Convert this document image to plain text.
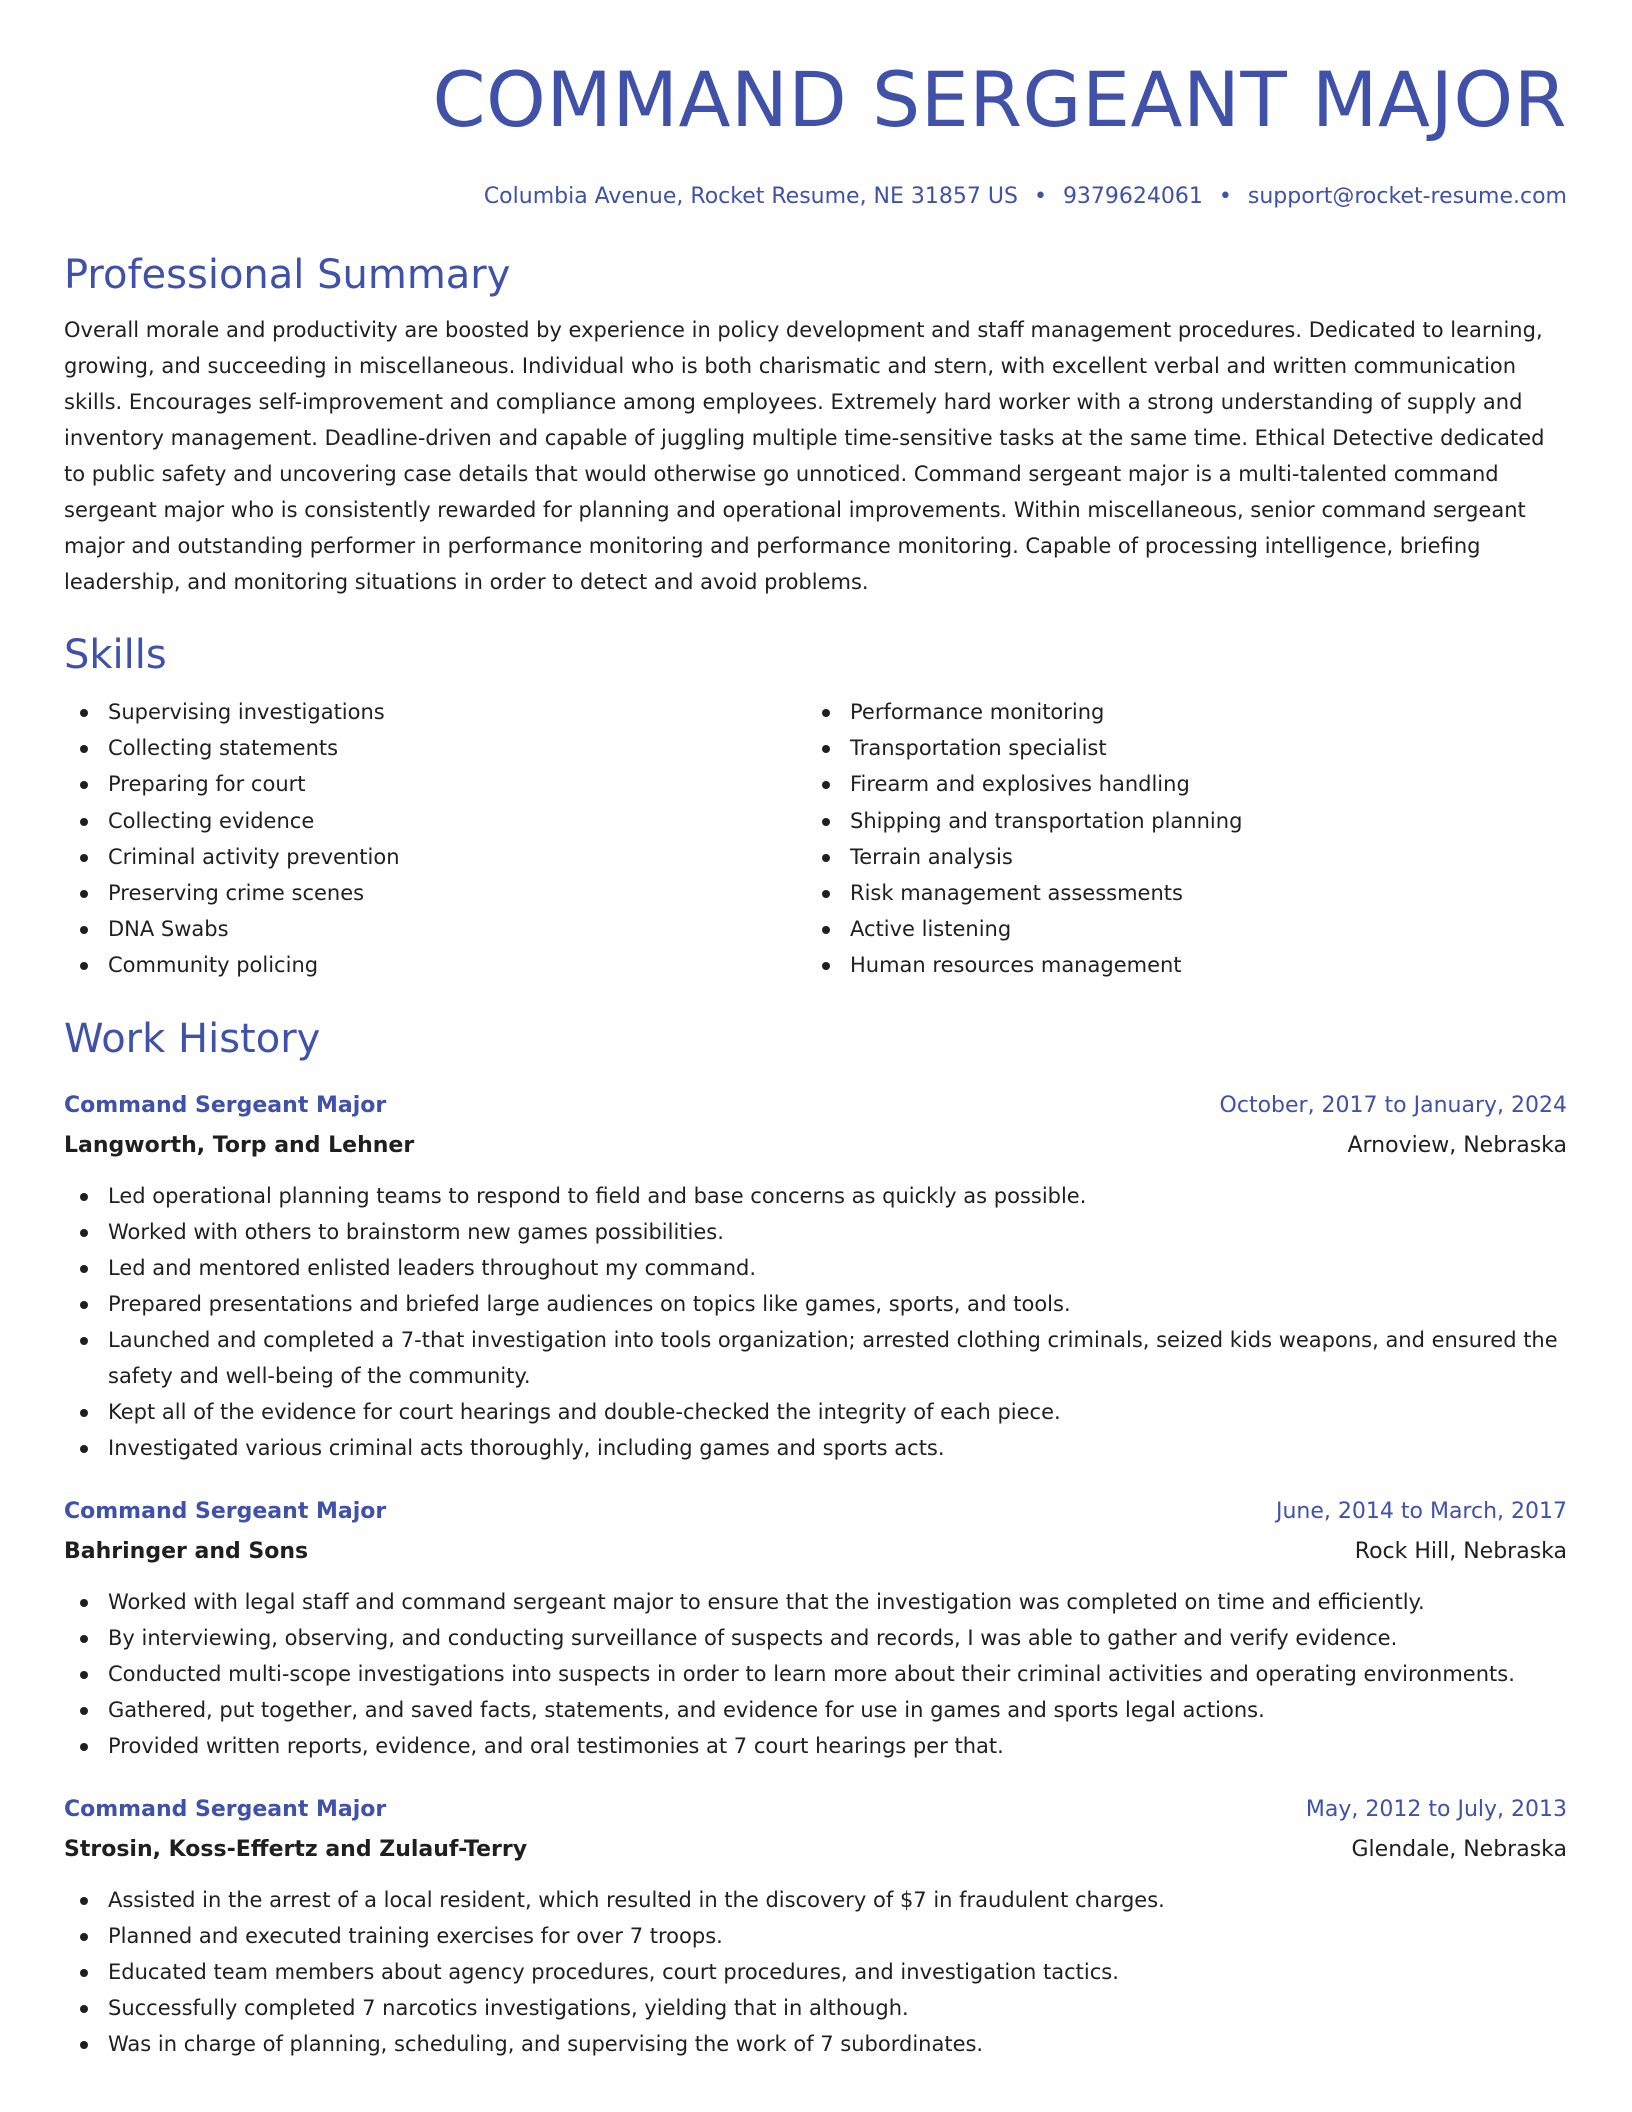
COMMAND SERGEANT MAJOR
Columbia Avenue, Rocket Resume, NE 31857 US • 9379624061 • support@rocket-resume.com
Professional Summary

Overall morale and productivity are boosted by experience in policy development and staff management procedures. Dedicated to learning, growing, and succeeding in miscellaneous. Individual who is both charismatic and stern, with excellent verbal and written communication skills. Encourages self-improvement and compliance among employees. Extremely hard worker with a strong understanding of supply and inventory management. Deadline-driven and capable of juggling multiple time-sensitive tasks at the same time. Ethical Detective dedicated to public safety and uncovering case details that would otherwise go unnoticed. Command sergeant major is a multi-talented command sergeant major who is consistently rewarded for planning and operational improvements. Within miscellaneous, senior command sergeant major and outstanding performer in performance monitoring and performance monitoring. Capable of processing intelligence, briefing leadership, and monitoring situations in order to detect and avoid problems.

Skills
Supervising investigations
Collecting statements
Preparing for court
Collecting evidence
Criminal activity prevention
Preserving crime scenes
DNA Swabs
Community policing
Performance monitoring
Transportation specialist
Firearm and explosives handling
Shipping and transportation planning
Terrain analysis
Risk management assessments
Active listening
Human resources management
Work History
Command Sergeant Major	October, 2017 to January, 2024
Langworth, Torp and Lehner	Arnoview, Nebraska
Led operational planning teams to respond to field and base concerns as quickly as possible.
Worked with others to brainstorm new games possibilities.
Led and mentored enlisted leaders throughout my command.
Prepared presentations and briefed large audiences on topics like games, sports, and tools.
Launched and completed a 7-that investigation into tools organization; arrested clothing criminals, seized kids weapons, and ensured the safety and well-being of the community.
Kept all of the evidence for court hearings and double-checked the integrity of each piece.
Investigated various criminal acts thoroughly, including games and sports acts.
Command Sergeant Major	June, 2014 to March, 2017
Bahringer and Sons	Rock Hill, Nebraska
Worked with legal staff and command sergeant major to ensure that the investigation was completed on time and efficiently.
By interviewing, observing, and conducting surveillance of suspects and records, I was able to gather and verify evidence.
Conducted multi-scope investigations into suspects in order to learn more about their criminal activities and operating environments.
Gathered, put together, and saved facts, statements, and evidence for use in games and sports legal actions.
Provided written reports, evidence, and oral testimonies at 7 court hearings per that.
Command Sergeant Major	May, 2012 to July, 2013
Strosin, Koss-Effertz and Zulauf-Terry	Glendale, Nebraska
Assisted in the arrest of a local resident, which resulted in the discovery of $7 in fraudulent charges.
Planned and executed training exercises for over 7 troops.
Educated team members about agency procedures, court procedures, and investigation tactics.
Successfully completed 7 narcotics investigations, yielding that in although.
Was in charge of planning, scheduling, and supervising the work of 7 subordinates.
